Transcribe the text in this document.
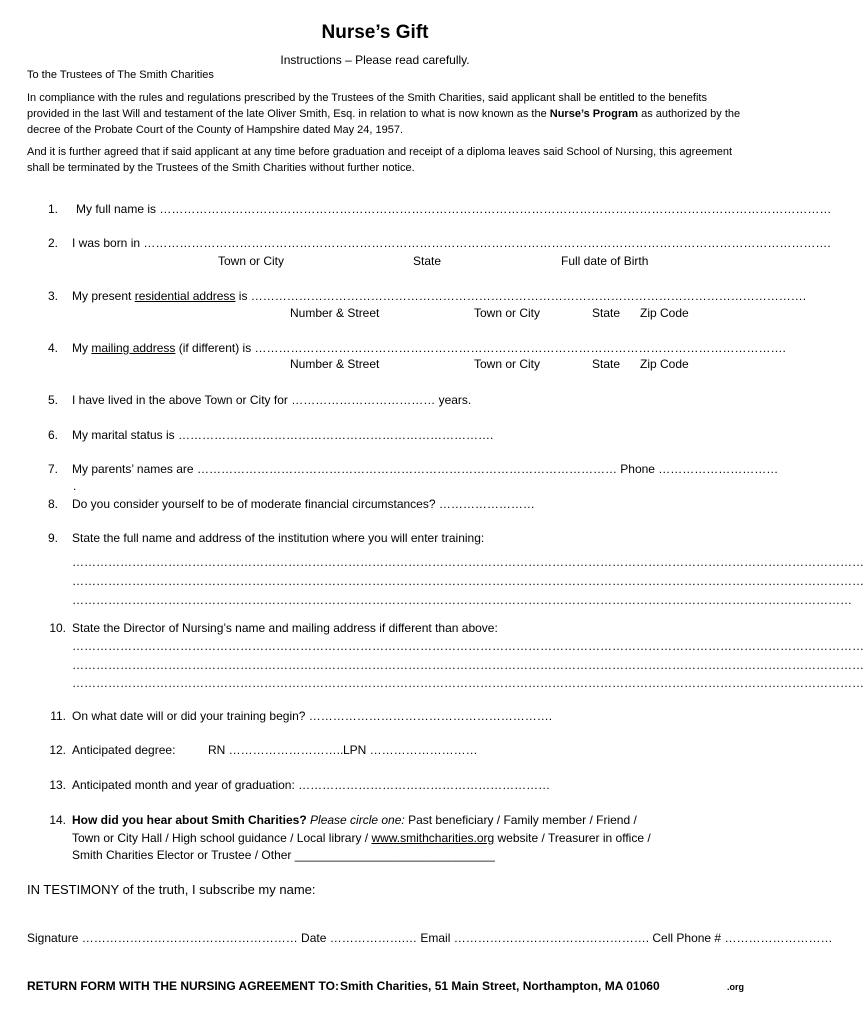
Nurse’s Gift
Instructions – Please read carefully.
To the Trustees of The Smith Charities
In compliance with the rules and regulations prescribed by the Trustees of the Smith Charities, said applicant shall be entitled to the benefits provided in the last Will and testament of the late Oliver Smith, Esq. in relation to what is now known as the Nurse’s Program as authorized by the decree of the Probate Court of the County of Hampshire dated May 24, 1957.
And it is further agreed that if said applicant at any time before graduation and receipt of a diploma leaves said School of Nursing, this agreement shall be terminated by the Trustees of the Smith Charities without further notice.
1. My full name is ……………………………………………………………………………………………………………………………………………………
2. I was born in ……………………………………………………………………………………………………………………………………………………….
Town or City	State	Full date of Birth
3. My present residential address is ………………………………………………………………………………………………………………………….
Number & Street	Town or City	State Zip Code
4. My mailing address (if different) is …………………………………………………………………………………………………………………….
Number & Street	Town or City	State Zip Code
5. I have lived in the above Town or City for ……………………………… years.
6. My marital status is …………………………………………………………………….
7. My parents’ names are …………………………………………………………………………………………… Phone …………………………
.
8. Do you consider yourself to be of moderate financial circumstances? ……………………
9. State the full name and address of the institution where you will enter training:
………………………………………………………………………………………………………………………………………………………………………………
………………………………………………………………………………………………………………………………………………………………………………
……………………………………………………………………………………………………………………………………………………………………………
10. State the Director of Nursing’s name and mailing address if different than above:
………………………………………………………………………………………………………………………………………………………………………………
………………………………………………………………………………………………………………………………………………………………………………
………………………………………………………………………………………………………………………………………………………………………………
11. On what date will or did your training begin? …………………………………………………….
12. Anticipated degree:	RN ……………………….. LPN ………………………
13. Anticipated month and year of graduation: ………………………………………………………
14. How did you hear about Smith Charities? Please circle one: Past beneficiary / Family member / Friend /
Town or City Hall / High school guidance / Local library / www.smithcharities.org website / Treasurer in office /
Smith Charities Elector or Trustee / Other ______________________________
IN TESTIMONY of the truth, I subscribe my name:
Signature ……………………………………………… Date ……………….… Email …………………………………………. Cell Phone # ………………………
RETURN FORM WITH THE NURSING AGREEMENT TO: Smith Charities, 51 Main Street, Northampton, MA 01060	.org
